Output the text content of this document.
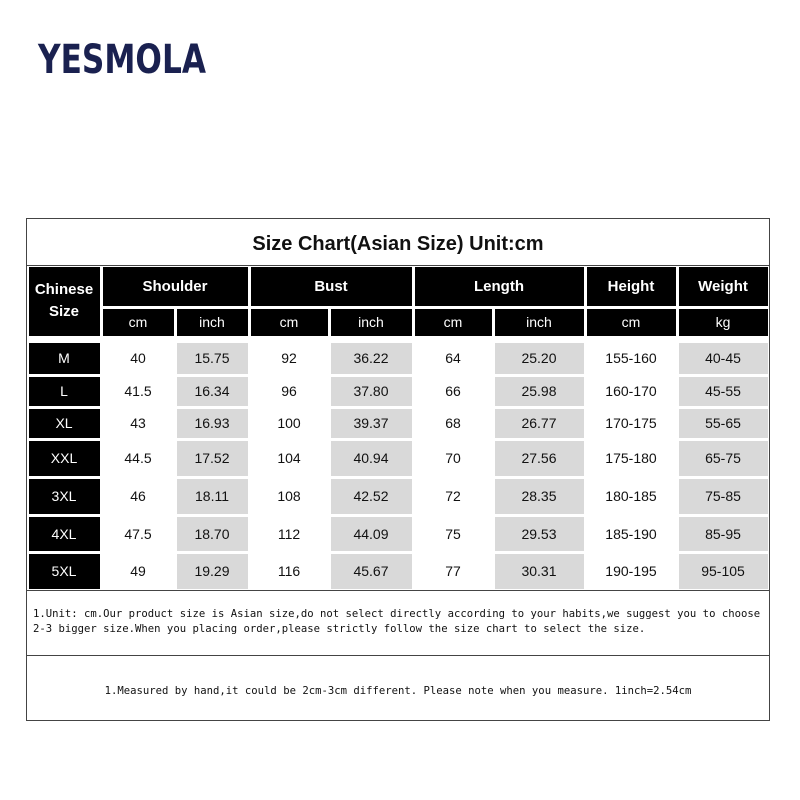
YESMOLA
Size Chart(Asian Size) Unit:cm
Chinese
Size
Shoulder	Bust	Length	Height	Weight
cm	inch	cm	inch	cm	inch	cm	kg
M	40	15.75	92	36.22	64	25.20	155-160	40-45
L	41.5	16.34	96	37.80	66	25.98	160-170	45-55
XL	43	16.93	100	39.37	68	26.77	170-175	55-65
XXL	44.5	17.52	104	40.94	70	27.56	175-180	65-75
3XL	46	18.11	108	42.52	72	28.35	180-185	75-85
4XL	47.5	18.70	112	44.09	75	29.53	185-190	85-95
5XL	49	19.29	116	45.67	77	30.31	190-195	95-105
1.Unit: cm.Our product size is Asian size,do not select directly according to your habits,we suggest you to choose 2-3 bigger size.When you placing order,please strictly follow the size chart to select the size.
1.Measured by hand,it could be 2cm-3cm different. Please note when you measure. 1inch=2.54cm
